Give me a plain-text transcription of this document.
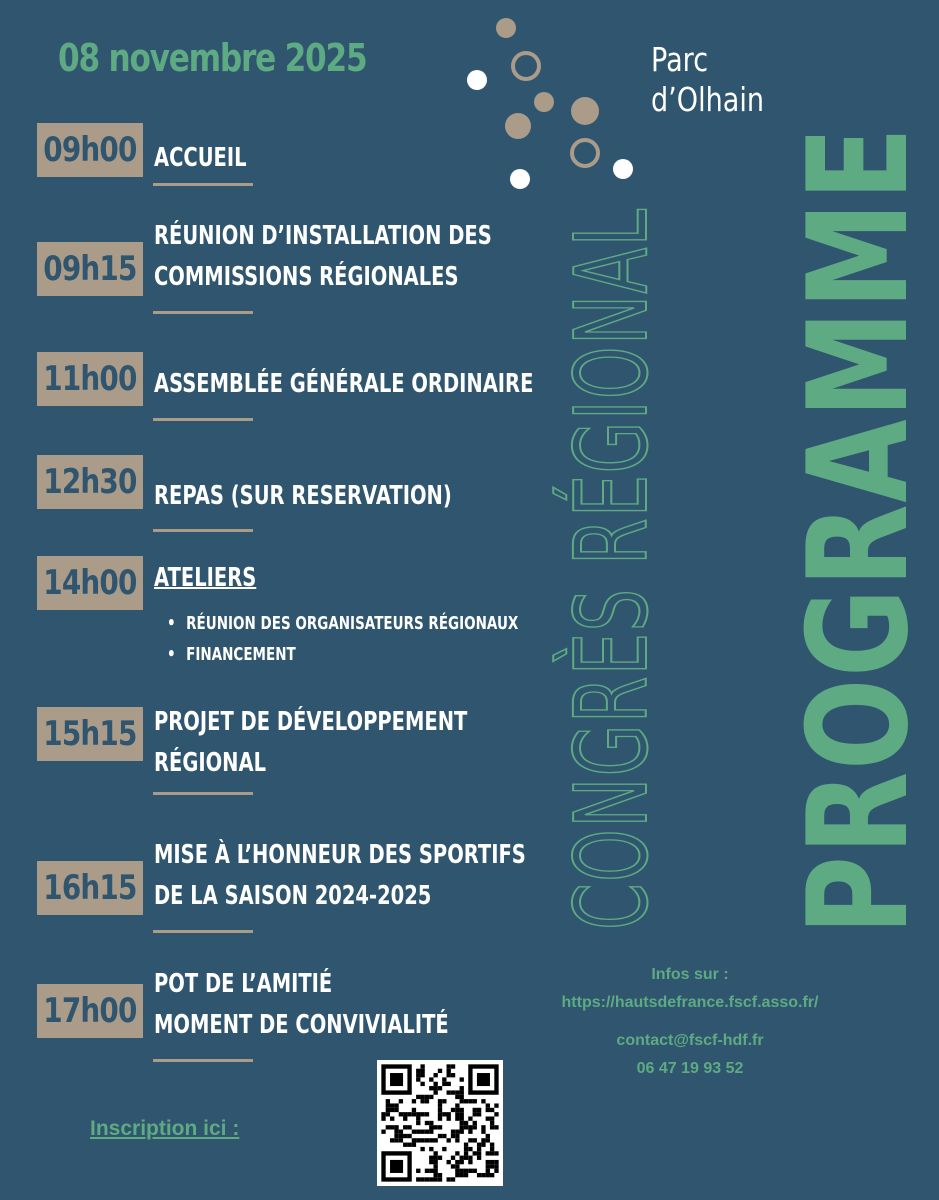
08 novembre 2025	Parc
d’Olhain
09h00 ACCUEIL
09h15
RÉUNION D’INSTALLATION DES
COMMISSIONS RÉGIONALES
11h00 ASSEMBLÉE GÉNÉRALE ORDINAIRE
12h30 REPAS (SUR RESERVATION)
14h00 ATELIERS
• RÉUNION DES ORGANISATEURS RÉGIONAUX
• FINANCEMENT
15h15 PROJET DE DÉVELOPPEMENT
RÉGIONAL
16h15
MISE À L’HONNEUR DES SPORTIFS
DE LA SAISON 2024-2025
17h00
POT DE L’AMITIÉ
MOMENT DE CONVIVIALITÉ
CONGRÈS RÉGIONAL PROGRAMME
Infos sur :
https://hautsdefrance.fscf.asso.fr/
contact@fscf-hdf.fr
06 47 19 93 52
Inscription ici :
